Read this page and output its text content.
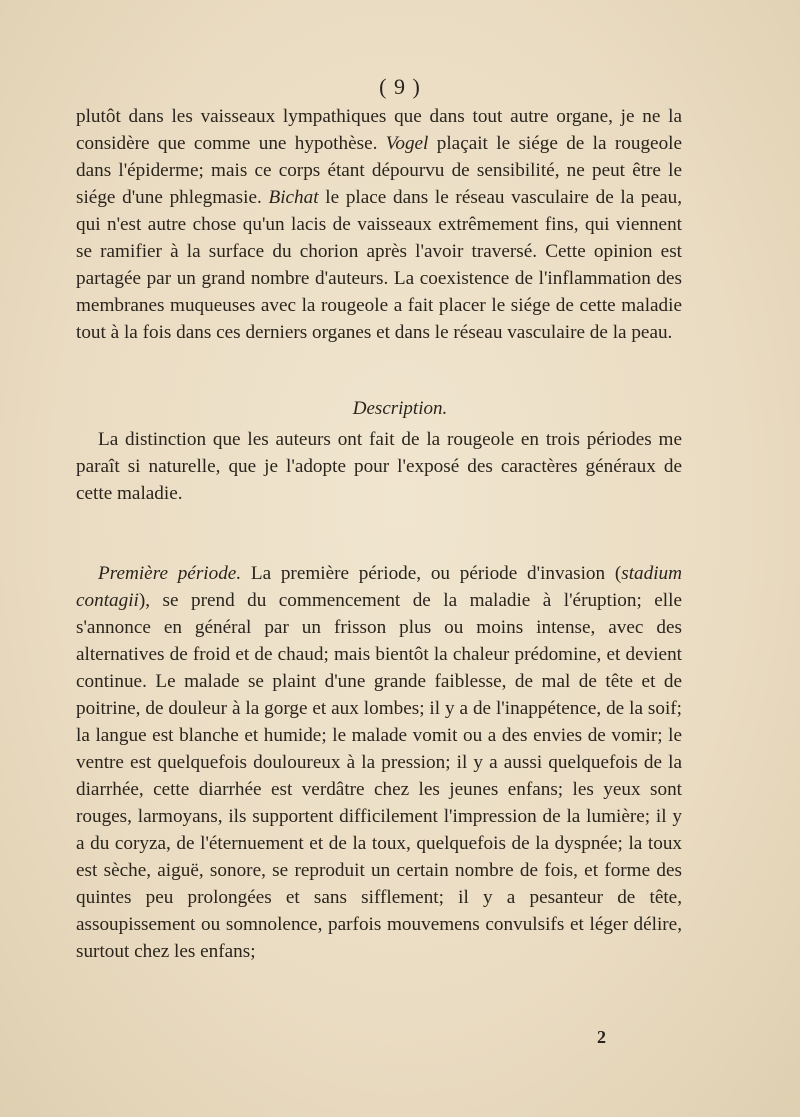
( 9 )

plutôt dans les vaisseaux lympathiques que dans tout autre organe, je ne la considère que comme une hypothèse. Vogel plaçait le siége de la rougeole dans l'épiderme; mais ce corps étant dépourvu de sensibilité, ne peut être le siége d'une phlegmasie. Bichat le place dans le réseau vasculaire de la peau, qui n'est autre chose qu'un lacis de vaisseaux extrêmement fins, qui viennent se ramifier à la surface du chorion après l'avoir traversé. Cette opinion est partagée par un grand nombre d'auteurs. La coexistence de l'inflammation des membranes muqueuses avec la rougeole a fait placer le siége de cette maladie tout à la fois dans ces derniers organes et dans le réseau vasculaire de la peau.

Description.

La distinction que les auteurs ont fait de la rougeole en trois périodes me paraît si naturelle, que je l'adopte pour l'exposé des caractères généraux de cette maladie.

Première période. La première période, ou période d'invasion (stadium contagii), se prend du commencement de la maladie à l'éruption; elle s'annonce en général par un frisson plus ou moins intense, avec des alternatives de froid et de chaud; mais bientôt la chaleur prédomine, et devient continue. Le malade se plaint d'une grande faiblesse, de mal de tête et de poitrine, de douleur à la gorge et aux lombes; il y a de l'inappétence, de la soif; la langue est blanche et humide; le malade vomit ou a des envies de vomir; le ventre est quelquefois douloureux à la pression; il y a aussi quelquefois de la diarrhée, cette diarrhée est verdâtre chez les jeunes enfans; les yeux sont rouges, larmoyans, ils supportent difficilement l'impression de la lumière; il y a du coryza, de l'éternuement et de la toux, quelquefois de la dyspnée; la toux est sèche, aiguë, sonore, se reproduit un certain nombre de fois, et forme des quintes peu prolongées et sans sifflement; il y a pesanteur de tête, assoupissement ou somnolence, parfois mouvemens convulsifs et léger délire, surtout chez les enfans;

2
